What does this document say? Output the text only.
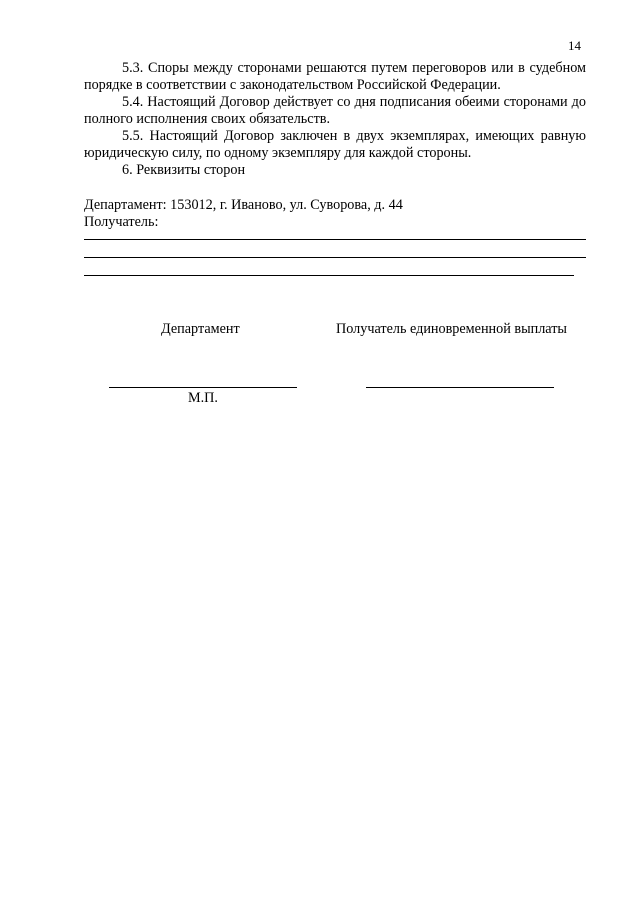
14

5.3. Споры между сторонами решаются путем переговоров или в судебном порядке в соответствии с законодательством Российской Федерации.

5.4. Настоящий Договор действует со дня подписания обеими сторонами до полного исполнения своих обязательств.

5.5. Настоящий Договор заключен в двух экземплярах, имеющих равную юридическую силу, по одному экземпляру для каждой стороны.

6. Реквизиты сторон

Департамент: 153012, г. Иваново, ул. Суворова, д. 44

Получатель:

Департамент	Получатель единовременной выплаты
М.П.
